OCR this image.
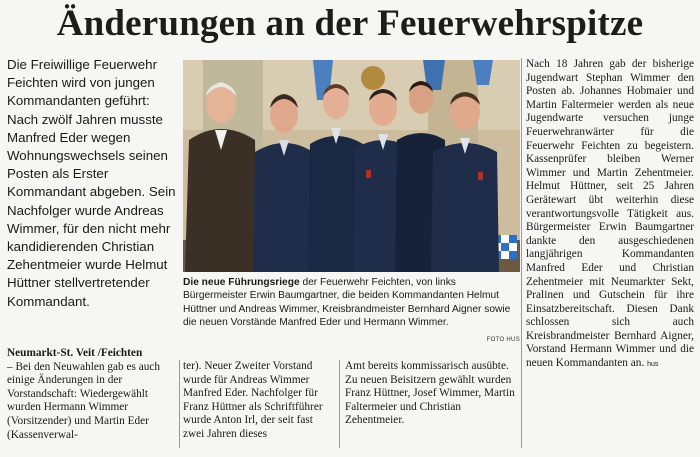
Änderungen an der Feuerwehrspitze
Die Freiwillige Feuerwehr Feichten wird von jungen Kommandanten geführt: Nach zwölf Jahren musste Manfred Eder wegen Wohnungswechsels seinen Posten als Erster Kommandant abgeben. Sein Nachfolger wurde Andreas Wimmer, für den nicht mehr kandidierenden Christian Zehentmeier wurde Helmut Hüttner stellvertretender Kommandant.
Neumarkt-St. Veit /Feichten
– Bei den Neuwahlen gab es auch einige Änderungen in der Vorstandschaft: Wiedergewählt wurden Hermann Wimmer (Vorsitzender) und Martin Eder (Kassenverwal-
ter). Neuer Zweiter Vorstand wurde für Andreas Wimmer Manfred Eder. Nachfolger für Franz Hüttner als Schriftführer wurde Anton Irl, der seit fast zwei Jahren dieses
Amt bereits kommissarisch ausübte. Zu neuen Beisitzern gewählt wurden Franz Hüttner, Josef Wimmer, Martin Faltermeier und Christian Zehentmeier.
Nach 18 Jahren gab der bisherige Jugendwart Stephan Wimmer den Posten ab. Johannes Hobmaier und Martin Faltermeier werden als neue Jugendwarte versuchen junge Feuerwehranwärter für die Feuerwehr Feichten zu begeistern. Kassenprüfer bleiben Werner Wimmer und Martin Zehentmeier. Helmut Hüttner, seit 25 Jahren Gerätewart übt weiterhin diese verantwortungsvolle Tätigkeit aus. Bürgermeister Erwin Baumgartner dankte den ausgeschiedenen langjährigen Kommandanten Manfred Eder und Christian Zehentmeier mit Neumarkter Sekt, Pralinen und Gutschein für ihre Einsatzbereitschaft. Diesen Dank schlossen sich auch Kreisbrandmeister Bernhard Aigner, Vorstand Hermann Wimmer und die neuen Kommandanten an. hus
Die neue Führungsriege der Feuerwehr Feichten, von links Bürgermeister Erwin Baumgartner, die beiden Kommandanten Helmut Hüttner und Andreas Wimmer, Kreisbrandmeister Bernhard Aigner sowie die neuen Vorstände Manfred Eder und Hermann Wimmer.
FOTO HUS
